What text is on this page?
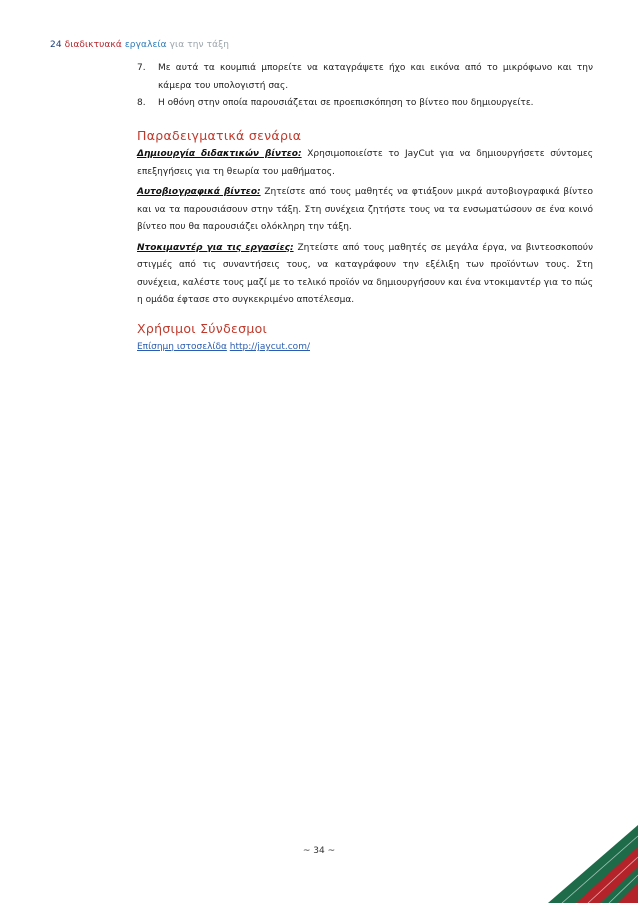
24 διαδικτυακά εργαλεία για την τάξη
7. Με αυτά τα κουμπιά μπορείτε να καταγράψετε ήχο και εικόνα από το μικρόφωνο και την κάμερα του υπολογιστή σας.
8. Η οθόνη στην οποία παρουσιάζεται σε προεπισκόπηση το βίντεο που δημιουργείτε.
Παραδειγματικά σενάρια
Δημιουργία διδακτικών βίντεο: Χρησιμοποιείστε το JayCut για να δημιουργήσετε σύντομες επεξηγήσεις για τη θεωρία του μαθήματος.
Αυτοβιογραφικά βίντεο: Ζητείστε από τους μαθητές να φτιάξουν μικρά αυτοβιογραφικά βίντεο και να τα παρουσιάσουν στην τάξη. Στη συνέχεια ζητήστε τους να τα ενσωματώσουν σε ένα κοινό βίντεο που θα παρουσιάζει ολόκληρη την τάξη.
Ντοκιμαντέρ για τις εργασίες: Ζητείστε από τους μαθητές σε μεγάλα έργα, να βιντεοσκοπούν στιγμές από τις συναντήσεις τους, να καταγράφουν την εξέλιξη των προϊόντων τους. Στη συνέχεια, καλέστε τους μαζί με το τελικό προϊόν να δημιουργήσουν και ένα ντοκιμαντέρ για το πώς η ομάδα έφτασε στο συγκεκριμένο αποτέλεσμα.
Χρήσιμοι Σύνδεσμοι
Επίσημη ιστοσελίδα http://jaycut.com/
~ 34 ~
